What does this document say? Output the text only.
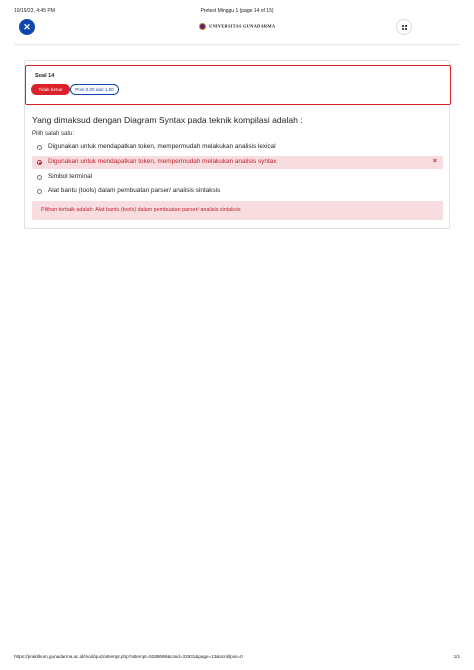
10/19/23, 4:45 PM	Pretest Minggu 1 (page 14 of 15)
✕	UNIVERSITAS GUNADARMA
Soal 14
Tidak benar	Poin 0,00 dari 1,00
Yang dimaksud dengan Diagram Syntax pada teknik kompilasi adalah :
Pilih salah satu:
Digunakan untuk mendapatkan token, mempermudah melakukan analisis lexical
Digunakan untuk mendapatkan token, mempermudah melakukan analisis syntax	×
Simbol terminal
Alat bantu (tools) dalam pembuatan parser/ analisis sintaksis
Pilihan terbaik adalah: Alat bantu (tools) dalam pembuatan parser/ analisis sintaksis
https://praktikum.gunadarma.ac.id/mod/quiz/attempt.php?attempt=5288698&cmid=32931&page=13&scrollpos=0	1/1
